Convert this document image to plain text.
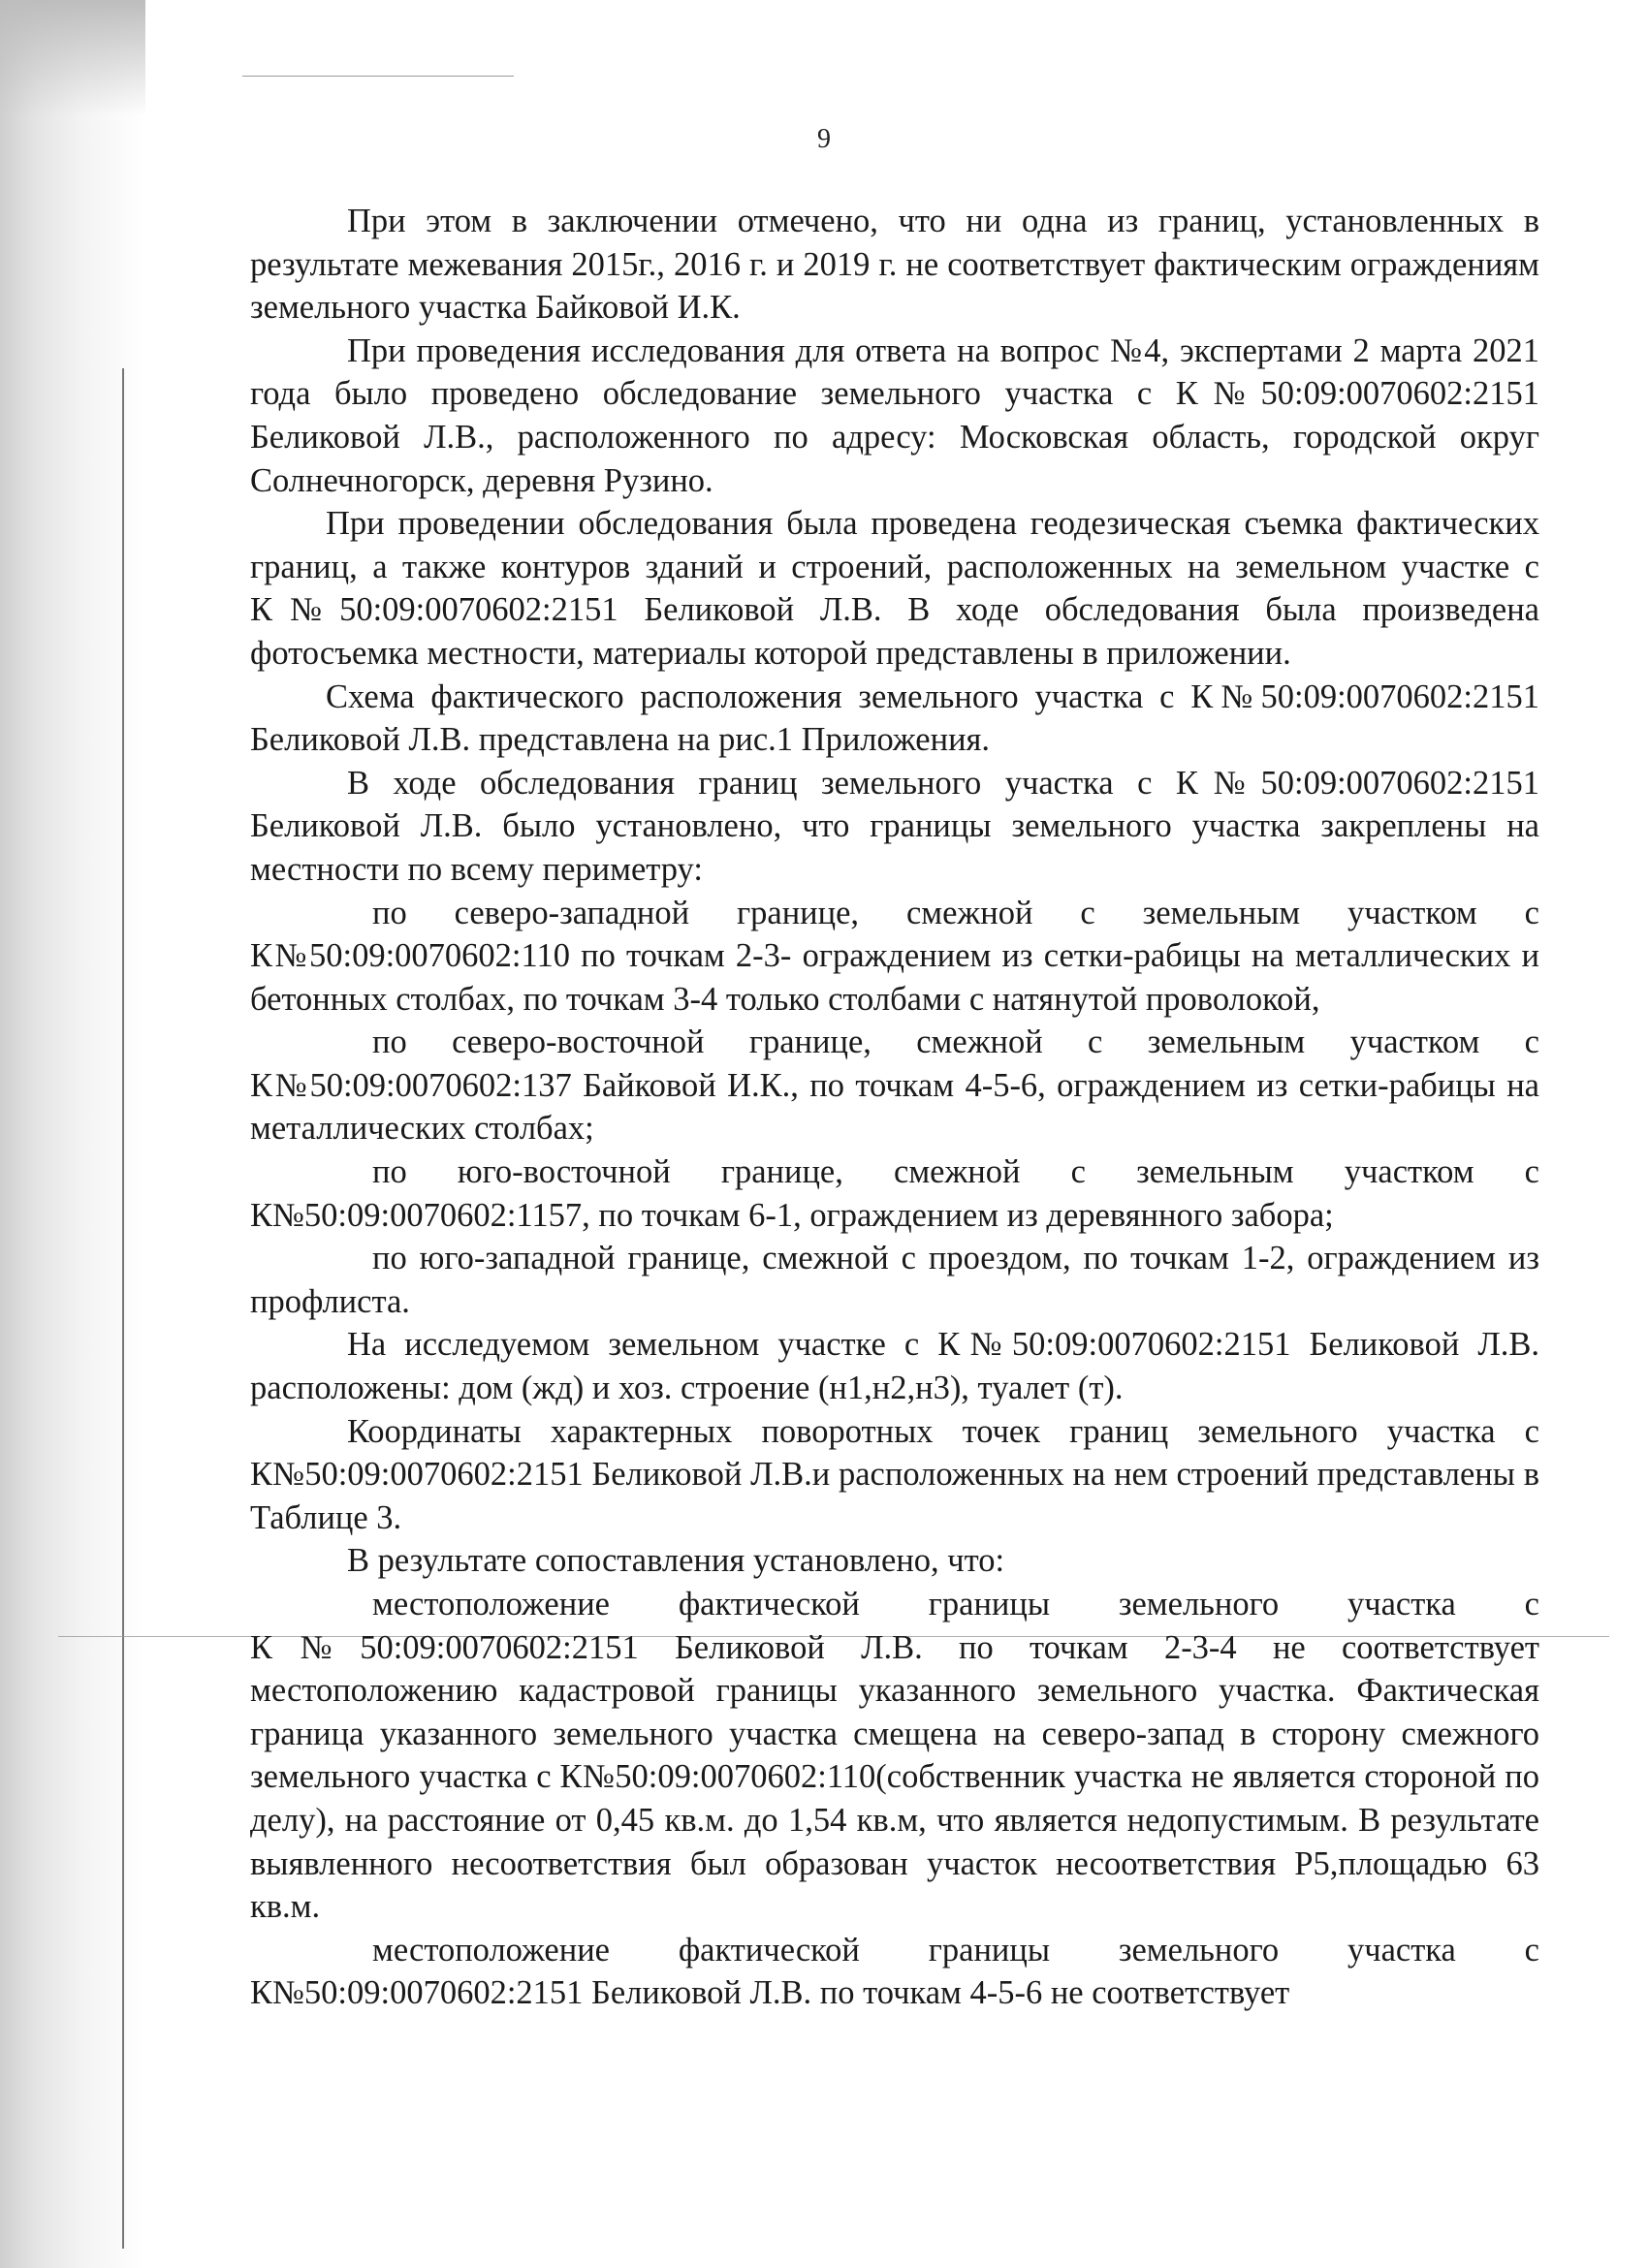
9

При этом в заключении отмечено, что ни одна из границ, установленных в результате межевания 2015г., 2016 г. и 2019 г. не соответствует фактическим ограждениям земельного участка Байковой И.К.

При проведения исследования для ответа на вопрос №4, экспертами 2 марта 2021 года было проведено обследование земельного участка с К№50:09:0070602:2151 Беликовой Л.В., расположенного по адресу: Московская область, городской округ Солнечногорск, деревня Рузино.

При проведении обследования была проведена геодезическая съемка фактических границ, а также контуров зданий и строений, расположенных на земельном участке с К№50:09:0070602:2151 Беликовой Л.В. В ходе обследования была произведена фотосъемка местности, материалы которой представлены в приложении.

Схема фактического расположения земельного участка с К№50:09:0070602:2151 Беликовой Л.В. представлена на рис.1 Приложения.

В ходе обследования границ земельного участка с К№50:09:0070602:2151 Беликовой Л.В. было установлено, что границы земельного участка закреплены на местности по всему периметру:

по северо-западной границе, смежной с земельным участком с К№50:09:0070602:110 по точкам 2-3- ограждением из сетки-рабицы на металлических и бетонных столбах, по точкам 3-4 только столбами с натянутой проволокой,

по северо-восточной границе, смежной с земельным участком с К№50:09:0070602:137 Байковой И.К., по точкам 4-5-6, ограждением из сетки-рабицы на металлических столбах;

по юго-восточной границе, смежной с земельным участком с К№50:09:0070602:1157, по точкам 6-1, ограждением из деревянного забора;

по юго-западной границе, смежной с проездом, по точкам 1-2, ограждением из профлиста.

На исследуемом земельном участке с К№50:09:0070602:2151 Беликовой Л.В. расположены: дом (жд) и хоз. строение (н1,н2,н3), туалет (т).

Координаты характерных поворотных точек границ земельного участка с К№50:09:0070602:2151 Беликовой Л.В.и расположенных на нем строений представлены в Таблице 3.

В результате сопоставления установлено, что:

местоположение фактической границы земельного участка с К№50:09:0070602:2151 Беликовой Л.В. по точкам 2-3-4 не соответствует местоположению кадастровой границы указанного земельного участка. Фактическая граница указанного земельного участка смещена на северо-запад в сторону смежного земельного участка с К№50:09:0070602:110(собственник участка не является стороной по делу), на расстояние от 0,45 кв.м. до 1,54 кв.м, что является недопустимым. В результате выявленного несоответствия был образован участок несоответствия Р5,площадью 63 кв.м.

местоположение фактической границы земельного участка с К№50:09:0070602:2151 Беликовой Л.В. по точкам 4-5-6 не соответствует
